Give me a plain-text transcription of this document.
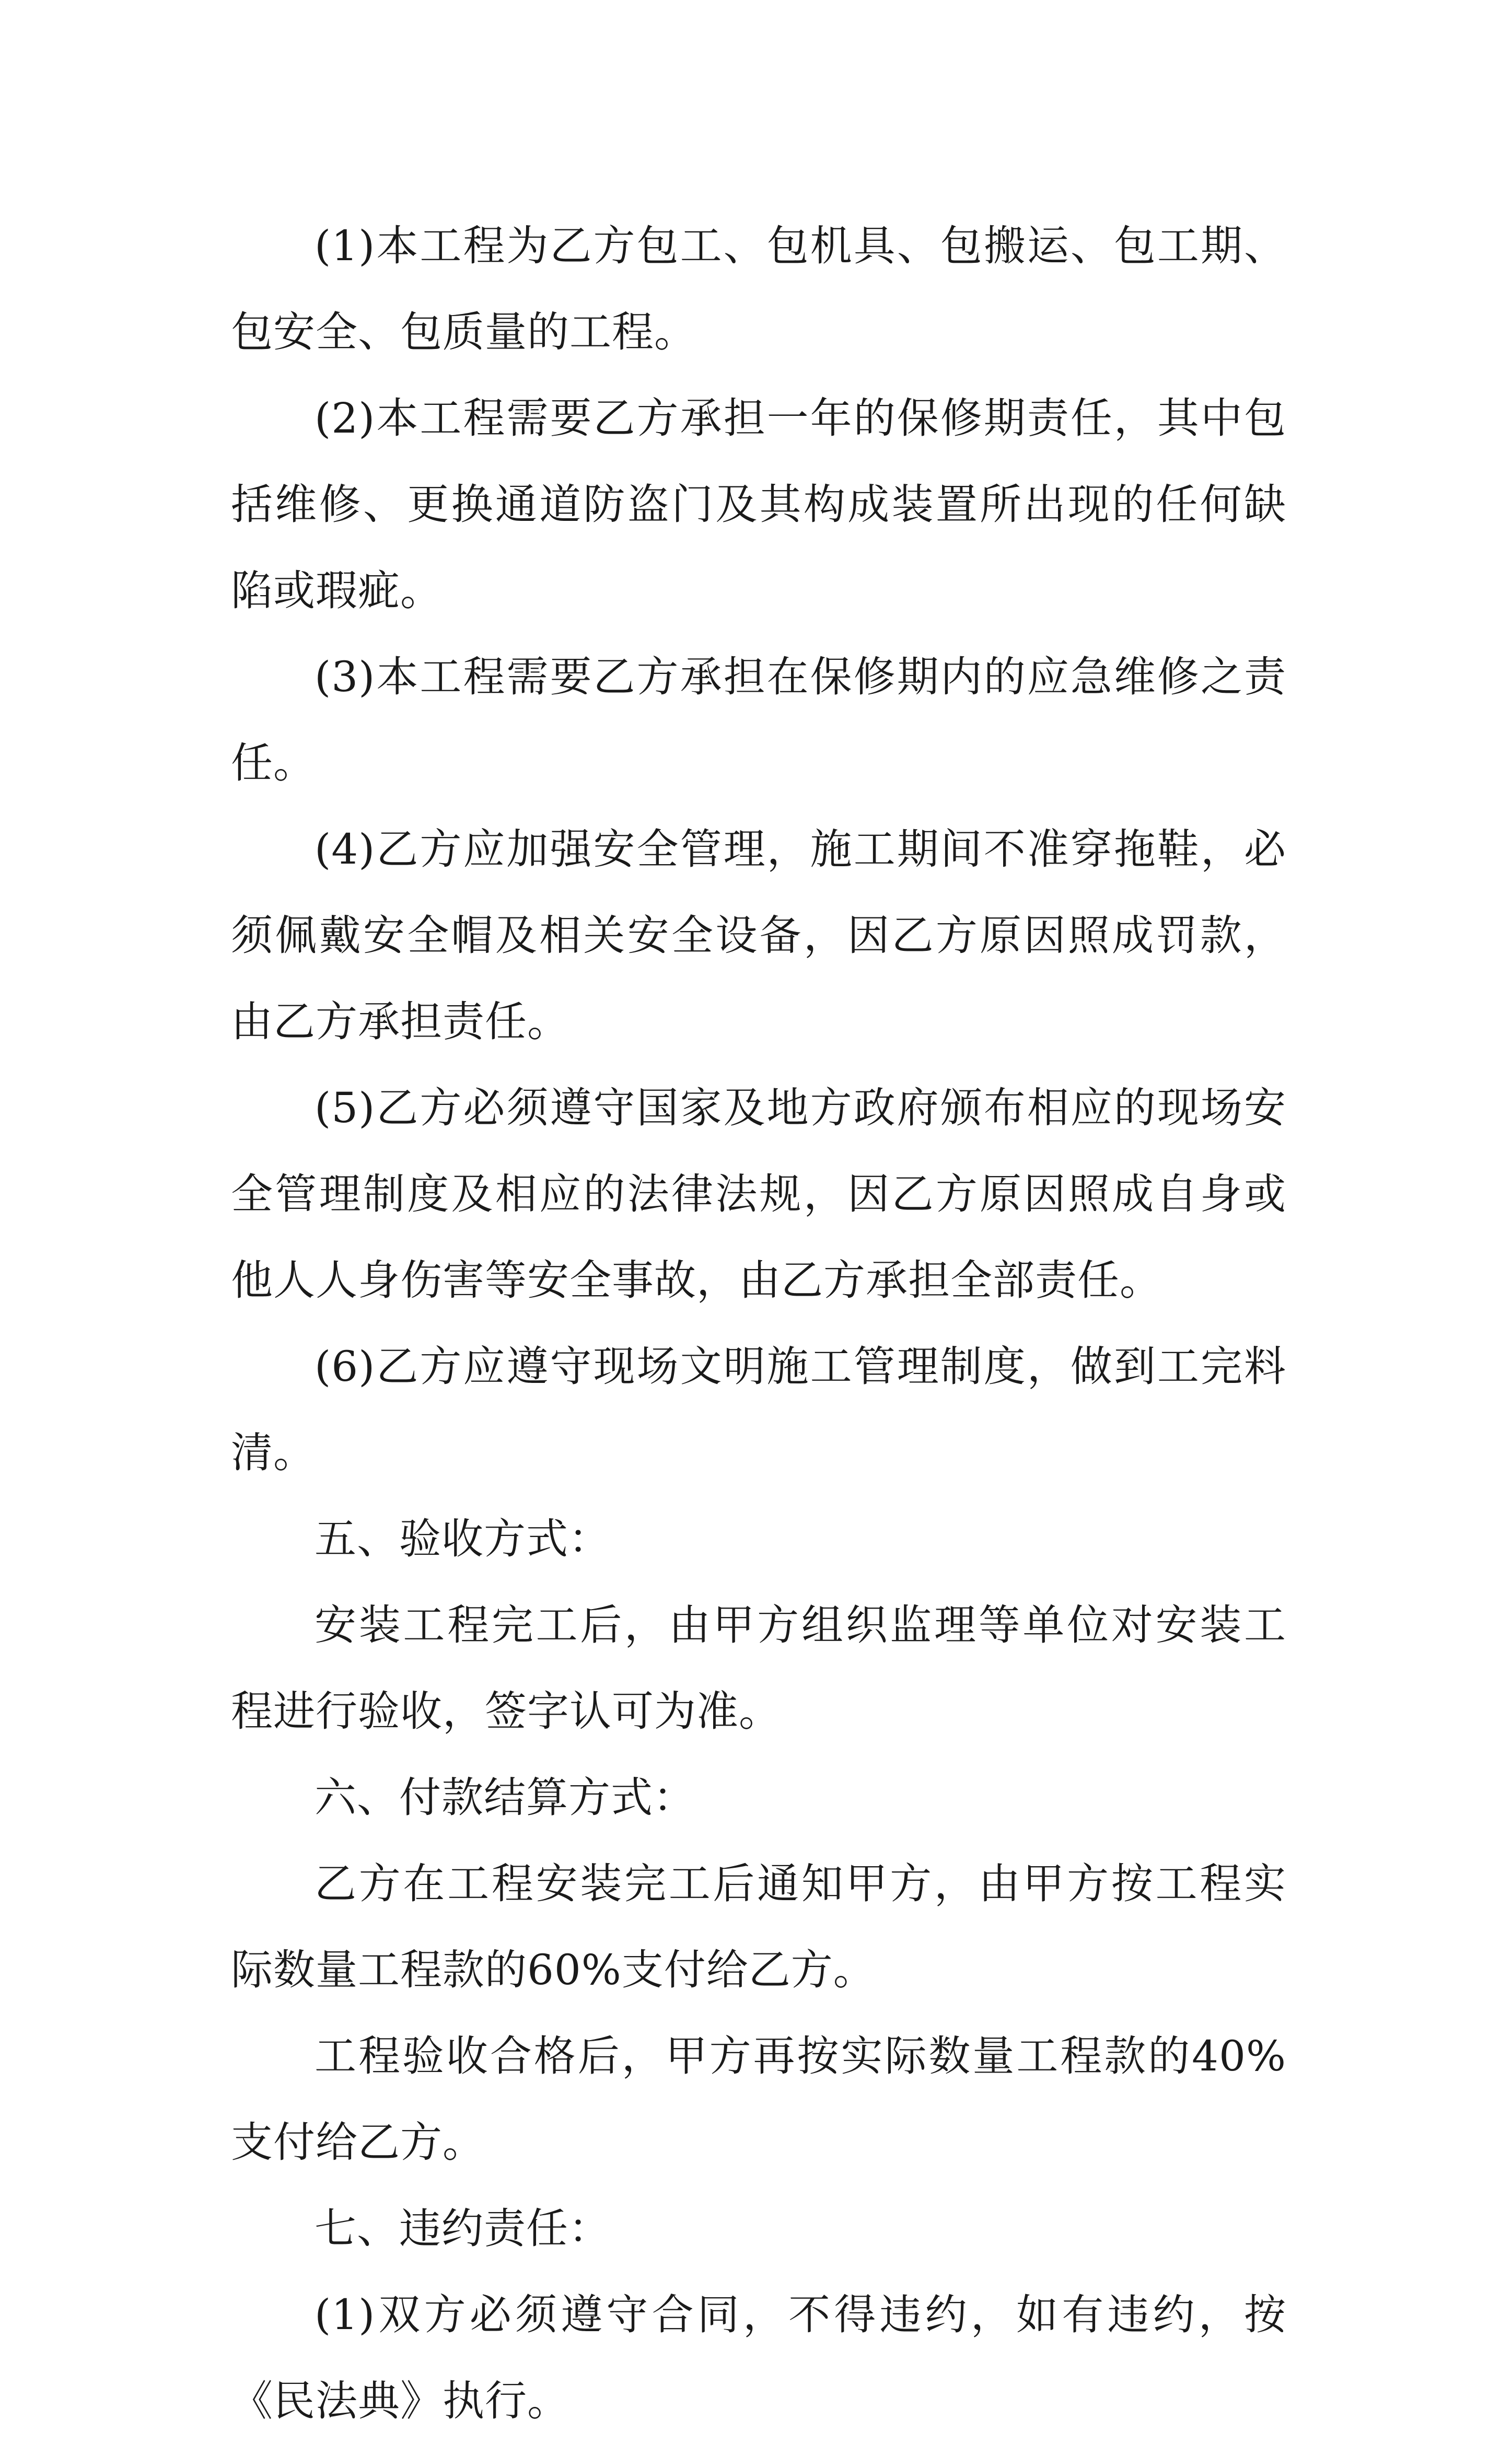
(1)本工程为乙方包工、包机具、包搬运、包工期、包安全、包质量的工程。

(2)本工程需要乙方承担一年的保修期责任，其中包括维修、更换通道防盗门及其构成装置所出现的任何缺陷或瑕疵。

(3)本工程需要乙方承担在保修期内的应急维修之责任。

(4)乙方应加强安全管理，施工期间不准穿拖鞋，必须佩戴安全帽及相关安全设备，因乙方原因照成罚款，由乙方承担责任。

(5)乙方必须遵守国家及地方政府颁布相应的现场安全管理制度及相应的法律法规，因乙方原因照成自身或他人人身伤害等安全事故，由乙方承担全部责任。

(6)乙方应遵守现场文明施工管理制度，做到工完料清。

五、验收方式：

安装工程完工后，由甲方组织监理等单位对安装工程进行验收，签字认可为准。

六、付款结算方式：

乙方在工程安装完工后通知甲方，由甲方按工程实际数量工程款的60%支付给乙方。

工程验收合格后，甲方再按实际数量工程款的40%支付给乙方。

七、违约责任：

(1)双方必须遵守合同，不得违约，如有违约，按《民法典》执行。
